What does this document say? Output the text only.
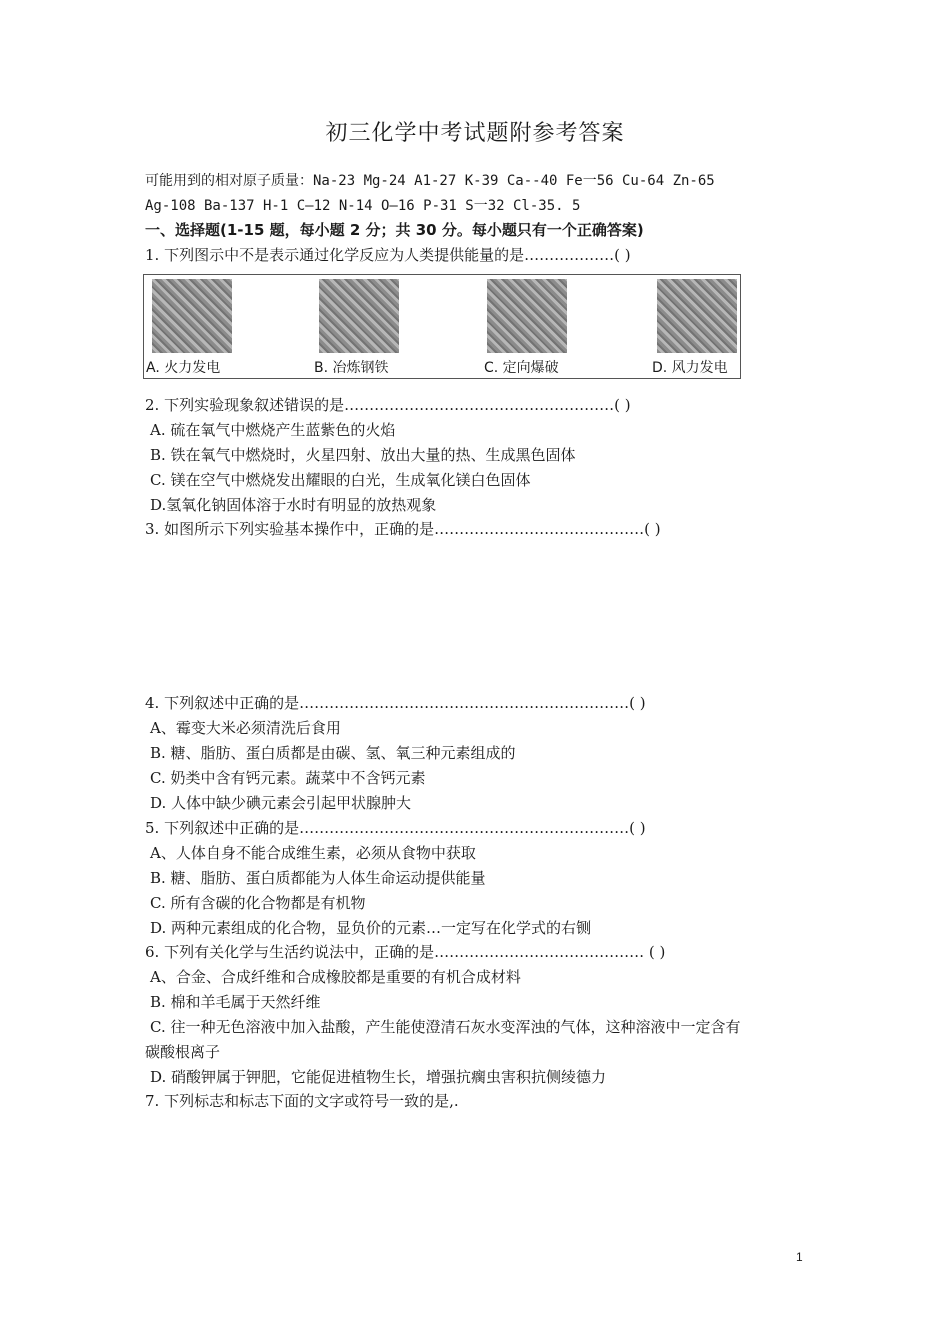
初三化学中考试题附参考答案
可能用到的相对原子质量：Na-23 Mg-24 A1-27 K-39 Ca--40 Fe一56 Cu-64 Zn-65
Ag-108 Ba-137 H-1 C—12 N-14 O—16 P-31 S一32 Cl-35. 5
一、选择题(1-15 题，每小题 2 分；共 30 分。每小题只有一个正确答案)
1. 下列图示中不是表示通过化学反应为人类提供能量的是………………( )
A. 火力发电	B. 冶炼钢铁	C. 定向爆破	D. 风力发电
2. 下列实验现象叙述错误的是………………………………………………( )
A. 硫在氧气中燃烧产生蓝紫色的火焰
B. 铁在氧气中燃烧时，火星四射、放出大量的热、生成黑色固体
C. 镁在空气中燃烧发出耀眼的白光，生成氧化镁白色固体
D.氢氧化钠固体溶于水时有明显的放热观象
3. 如图所示下列实验基本操作中，正确的是……………………………………( )
4. 下列叙述中正确的是…………………………………………………………( )
A、霉变大米必须清洗后食用
B. 糖、脂肪、蛋白质都是由碳、氢、氧三种元素组成的
C. 奶类中含有钙元素。蔬菜中不含钙元素
D. 人体中缺少碘元素会引起甲状腺肿大
5. 下列叙述中正确的是…………………………………………………………( )
A、人体自身不能合成维生素，必须从食物中获取
B. 糖、脂肪、蛋白质都能为人体生命运动提供能量
C. 所有含碳的化合物都是有机物
D. 两种元素组成的化合物，显负价的元素…一定写在化学式的右铡
6. 下列有关化学与生活约说法中，正确的是…………………………………… ( )
A、合金、合成纤维和合成橡胶都是重要的有机合成材料
B. 棉和羊毛属于天然纤维
C. 往一种无色溶液中加入盐酸，产生能使澄清石灰水变浑浊的气体，这种溶液中一定含有
碳酸根离子
D. 硝酸钾属于钾肥，它能促进植物生长，增强抗瘸虫害积抗侧绫德力
7. 下列标志和标志下面的文字或符号一致的是,.
1
